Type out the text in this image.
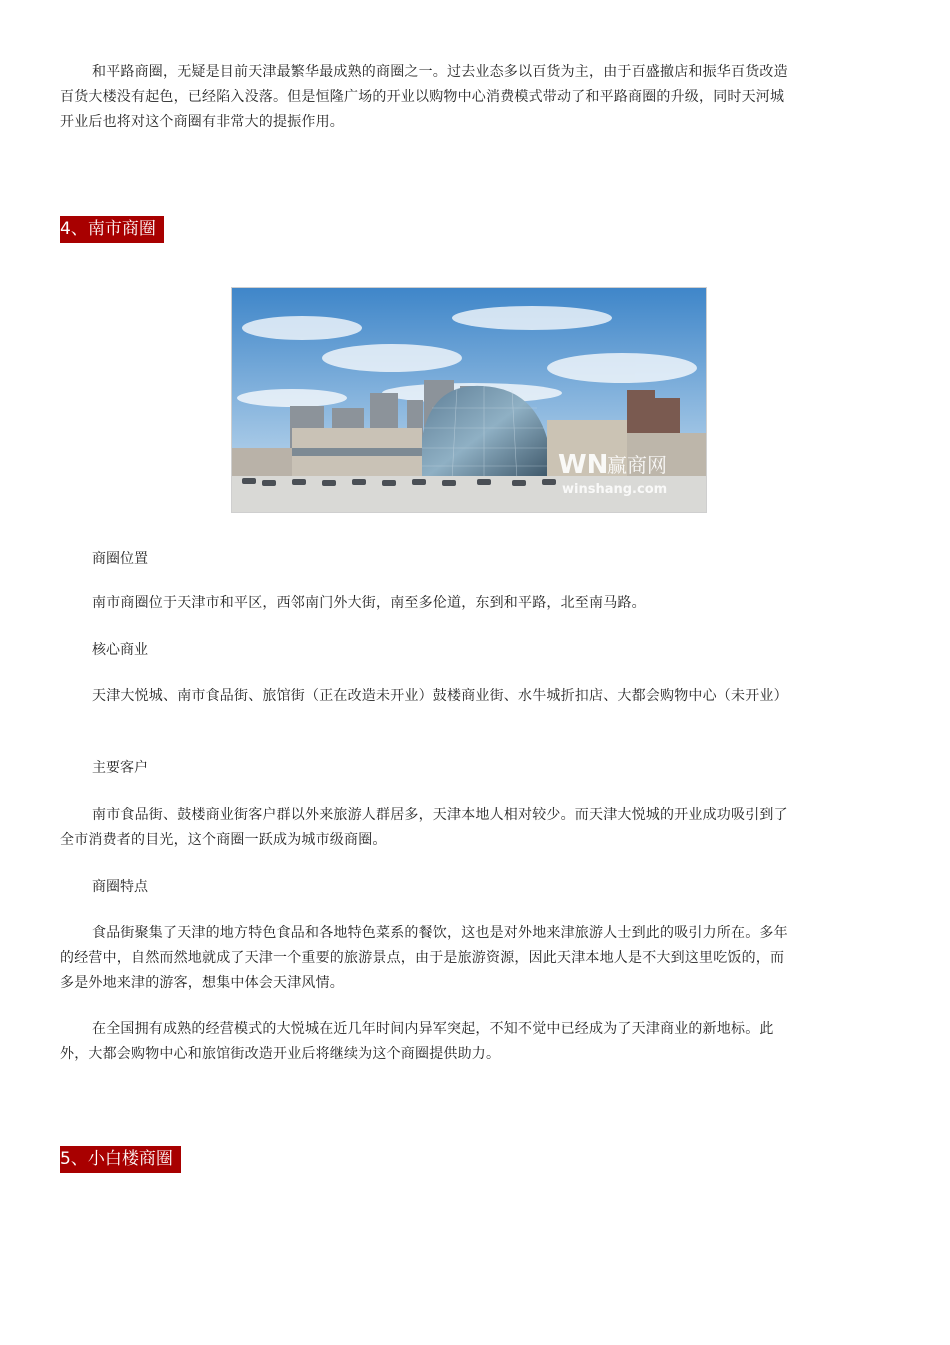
和平路商圈，无疑是目前天津最繁华最成熟的商圈之一。过去业态多以百货为主，由于百盛撤店和振华百货改造百货大楼没有起色，已经陷入没落。但是恒隆广场的开业以购物中心消费模式带动了和平路商圈的升级，同时天河城开业后也将对这个商圈有非常大的提振作用。

4、南市商圈
WN
赢商网
winshang.com

商圈位置

南市商圈位于天津市和平区，西邻南门外大街，南至多伦道，东到和平路，北至南马路。

核心商业

天津大悦城、南市食品街、旅馆街（正在改造未开业）鼓楼商业街、水牛城折扣店、大都会购物中心（未开业）

主要客户

南市食品街、鼓楼商业街客户群以外来旅游人群居多，天津本地人相对较少。而天津大悦城的开业成功吸引到了全市消费者的目光，这个商圈一跃成为城市级商圈。

商圈特点

食品街聚集了天津的地方特色食品和各地特色菜系的餐饮，这也是对外地来津旅游人士到此的吸引力所在。多年的经营中，自然而然地就成了天津一个重要的旅游景点，由于是旅游资源，因此天津本地人是不大到这里吃饭的，而多是外地来津的游客，想集中体会天津风情。

在全国拥有成熟的经营模式的大悦城在近几年时间内异军突起，不知不觉中已经成为了天津商业的新地标。此外，大都会购物中心和旅馆街改造开业后将继续为这个商圈提供助力。

5、小白楼商圈
